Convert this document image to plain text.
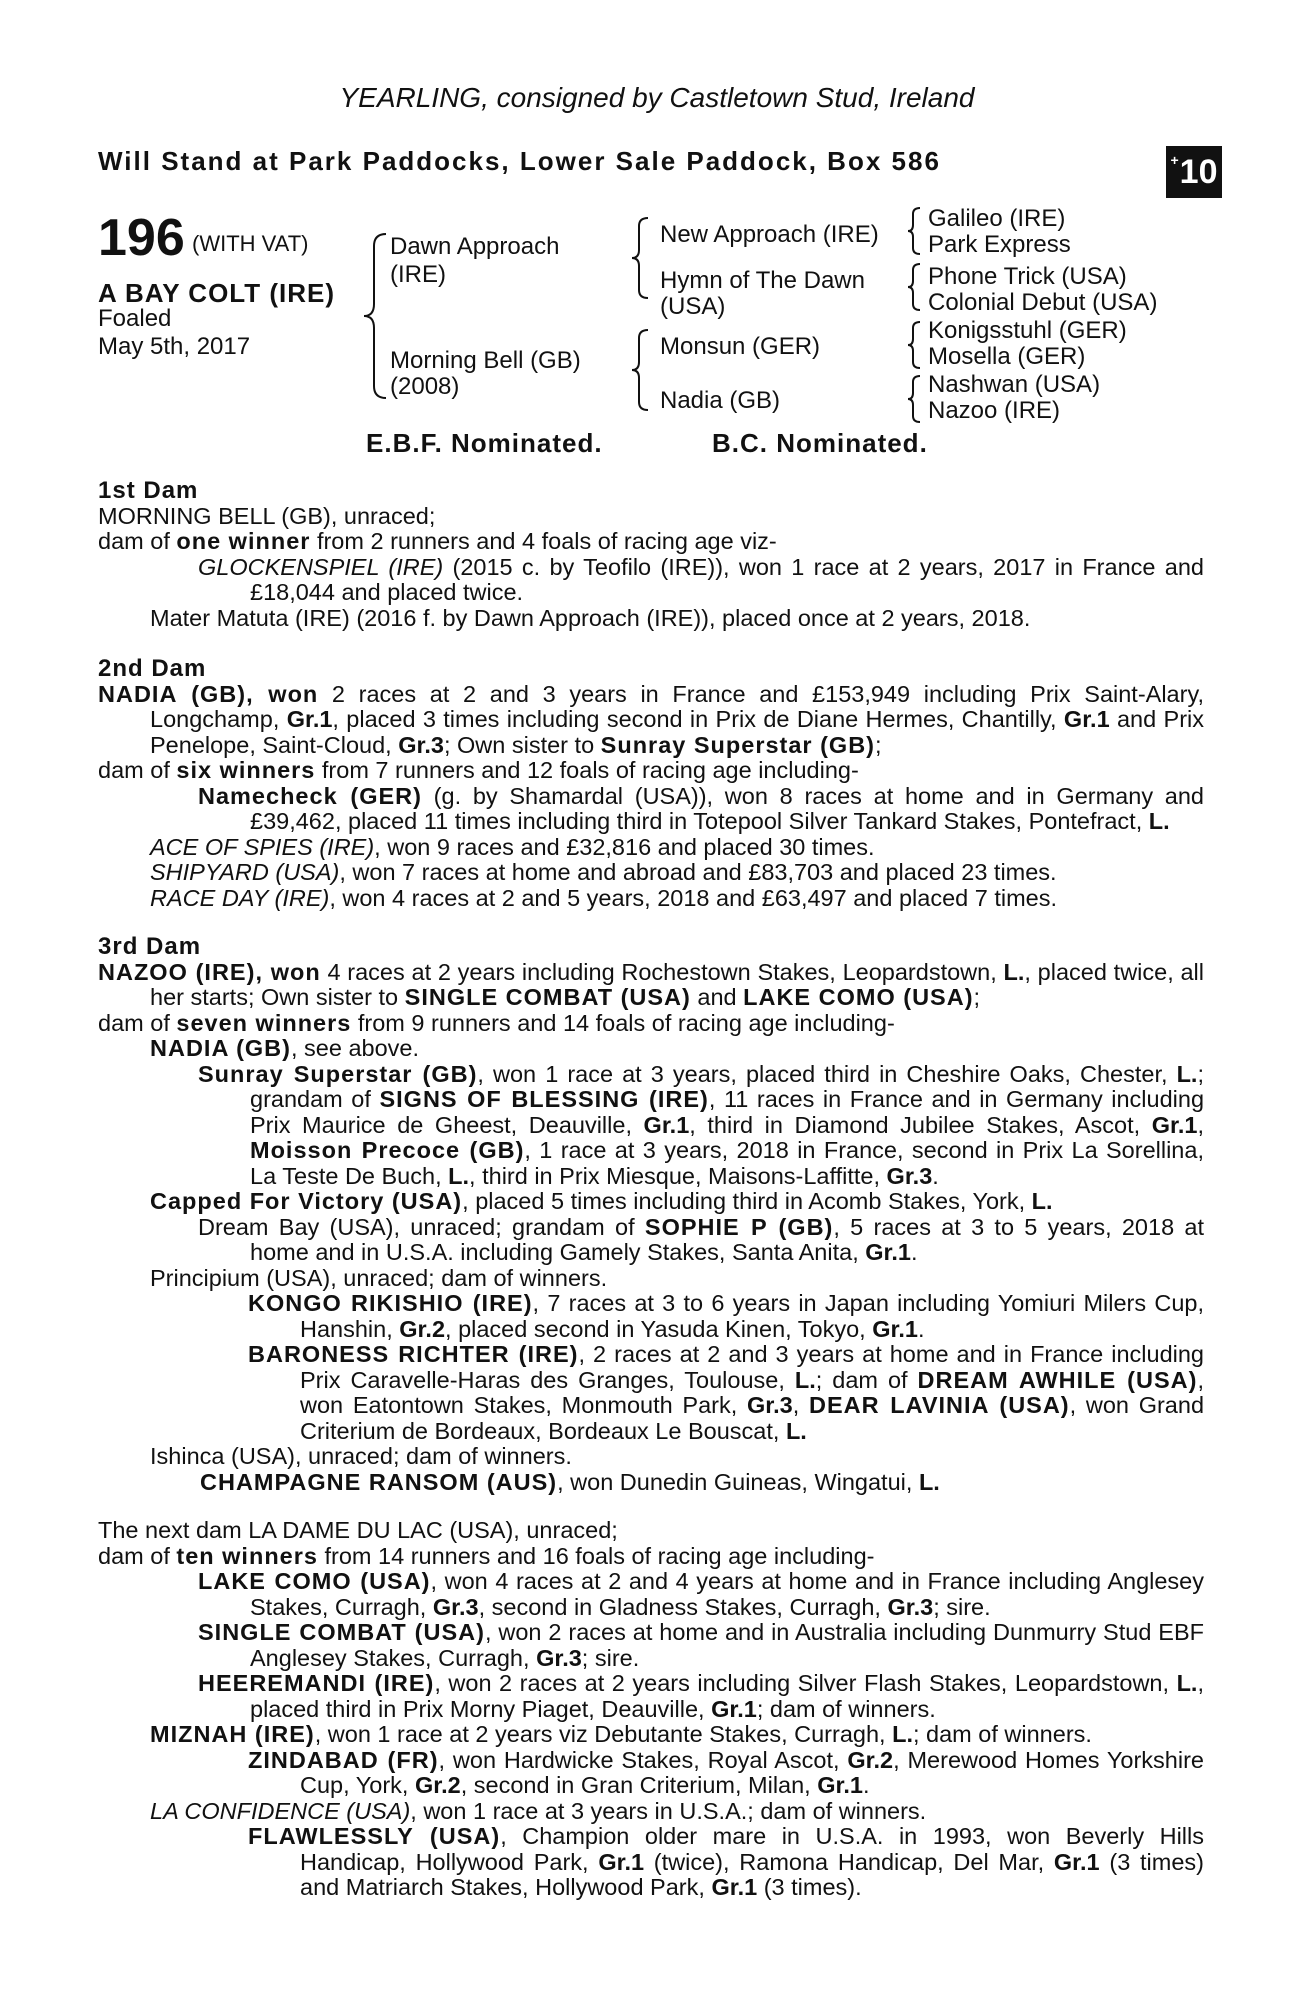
YEARLING, consigned by Castletown Stud, Ireland
Will Stand at Park Paddocks, Lower Sale Paddock, Box 586	+ 10
196 (WITH VAT)
A BAY COLT (IRE)
Foaled
May 5th, 2017
Dawn Approach
(IRE)
Morning Bell (GB)
(2008)
New Approach (IRE)
Hymn of The Dawn
(USA)
Monsun (GER)
Nadia (GB)
Galileo (IRE)
Park Express
Phone Trick (USA)
Colonial Debut (USA)
Konigsstuhl (GER)
Mosella (GER)
Nashwan (USA)
Nazoo (IRE)
E.B.F. Nominated.	B.C. Nominated.

1st Dam

MORNING BELL (GB), unraced;

dam of one winner from 2 runners and 4 foals of racing age viz-

GLOCKENSPIEL (IRE) (2015 c. by Teofilo (IRE)), won 1 race at 2 years, 2017 in France and £18,044 and placed twice.

Mater Matuta (IRE) (2016 f. by Dawn Approach (IRE)), placed once at 2 years, 2018.

2nd Dam

NADIA (GB), won 2 races at 2 and 3 years in France and £153,949 including Prix Saint-Alary, Longchamp, Gr.1, placed 3 times including second in Prix de Diane Hermes, Chantilly, Gr.1 and Prix Penelope, Saint-Cloud, Gr.3; Own sister to Sunray Superstar (GB);

dam of six winners from 7 runners and 12 foals of racing age including-

Namecheck (GER) (g. by Shamardal (USA)), won 8 races at home and in Germany and £39,462, placed 11 times including third in Totepool Silver Tankard Stakes, Pontefract, L.

ACE OF SPIES (IRE), won 9 races and £32,816 and placed 30 times.

SHIPYARD (USA), won 7 races at home and abroad and £83,703 and placed 23 times.

RACE DAY (IRE), won 4 races at 2 and 5 years, 2018 and £63,497 and placed 7 times.

3rd Dam

NAZOO (IRE), won 4 races at 2 years including Rochestown Stakes, Leopardstown, L., placed twice, all her starts; Own sister to SINGLE COMBAT (USA) and LAKE COMO (USA);

dam of seven winners from 9 runners and 14 foals of racing age including-

NADIA (GB), see above.

Sunray Superstar (GB), won 1 race at 3 years, placed third in Cheshire Oaks, Chester, L.; grandam of SIGNS OF BLESSING (IRE), 11 races in France and in Germany including Prix Maurice de Gheest, Deauville, Gr.1, third in Diamond Jubilee Stakes, Ascot, Gr.1, Moisson Precoce (GB), 1 race at 3 years, 2018 in France, second in Prix La Sorellina, La Teste De Buch, L., third in Prix Miesque, Maisons-Laffitte, Gr.3.

Capped For Victory (USA), placed 5 times including third in Acomb Stakes, York, L.

Dream Bay (USA), unraced; grandam of SOPHIE P (GB), 5 races at 3 to 5 years, 2018 at home and in U.S.A. including Gamely Stakes, Santa Anita, Gr.1.

Principium (USA), unraced; dam of winners.

KONGO RIKISHIO (IRE), 7 races at 3 to 6 years in Japan including Yomiuri Milers Cup, Hanshin, Gr.2, placed second in Yasuda Kinen, Tokyo, Gr.1.

BARONESS RICHTER (IRE), 2 races at 2 and 3 years at home and in France including Prix Caravelle-Haras des Granges, Toulouse, L.; dam of DREAM AWHILE (USA), won Eatontown Stakes, Monmouth Park, Gr.3, DEAR LAVINIA (USA), won Grand Criterium de Bordeaux, Bordeaux Le Bouscat, L.

Ishinca (USA), unraced; dam of winners.

CHAMPAGNE RANSOM (AUS), won Dunedin Guineas, Wingatui, L.

The next dam LA DAME DU LAC (USA), unraced;

dam of ten winners from 14 runners and 16 foals of racing age including-

LAKE COMO (USA), won 4 races at 2 and 4 years at home and in France including Anglesey Stakes, Curragh, Gr.3, second in Gladness Stakes, Curragh, Gr.3; sire.

SINGLE COMBAT (USA), won 2 races at home and in Australia including Dunmurry Stud EBF Anglesey Stakes, Curragh, Gr.3; sire.

HEEREMANDI (IRE), won 2 races at 2 years including Silver Flash Stakes, Leopardstown, L., placed third in Prix Morny Piaget, Deauville, Gr.1; dam of winners.

MIZNAH (IRE), won 1 race at 2 years viz Debutante Stakes, Curragh, L.; dam of winners.

ZINDABAD (FR), won Hardwicke Stakes, Royal Ascot, Gr.2, Merewood Homes Yorkshire Cup, York, Gr.2, second in Gran Criterium, Milan, Gr.1.

LA CONFIDENCE (USA), won 1 race at 3 years in U.S.A.; dam of winners.

FLAWLESSLY (USA), Champion older mare in U.S.A. in 1993, won Beverly Hills Handicap, Hollywood Park, Gr.1 (twice), Ramona Handicap, Del Mar, Gr.1 (3 times) and Matriarch Stakes, Hollywood Park, Gr.1 (3 times).
